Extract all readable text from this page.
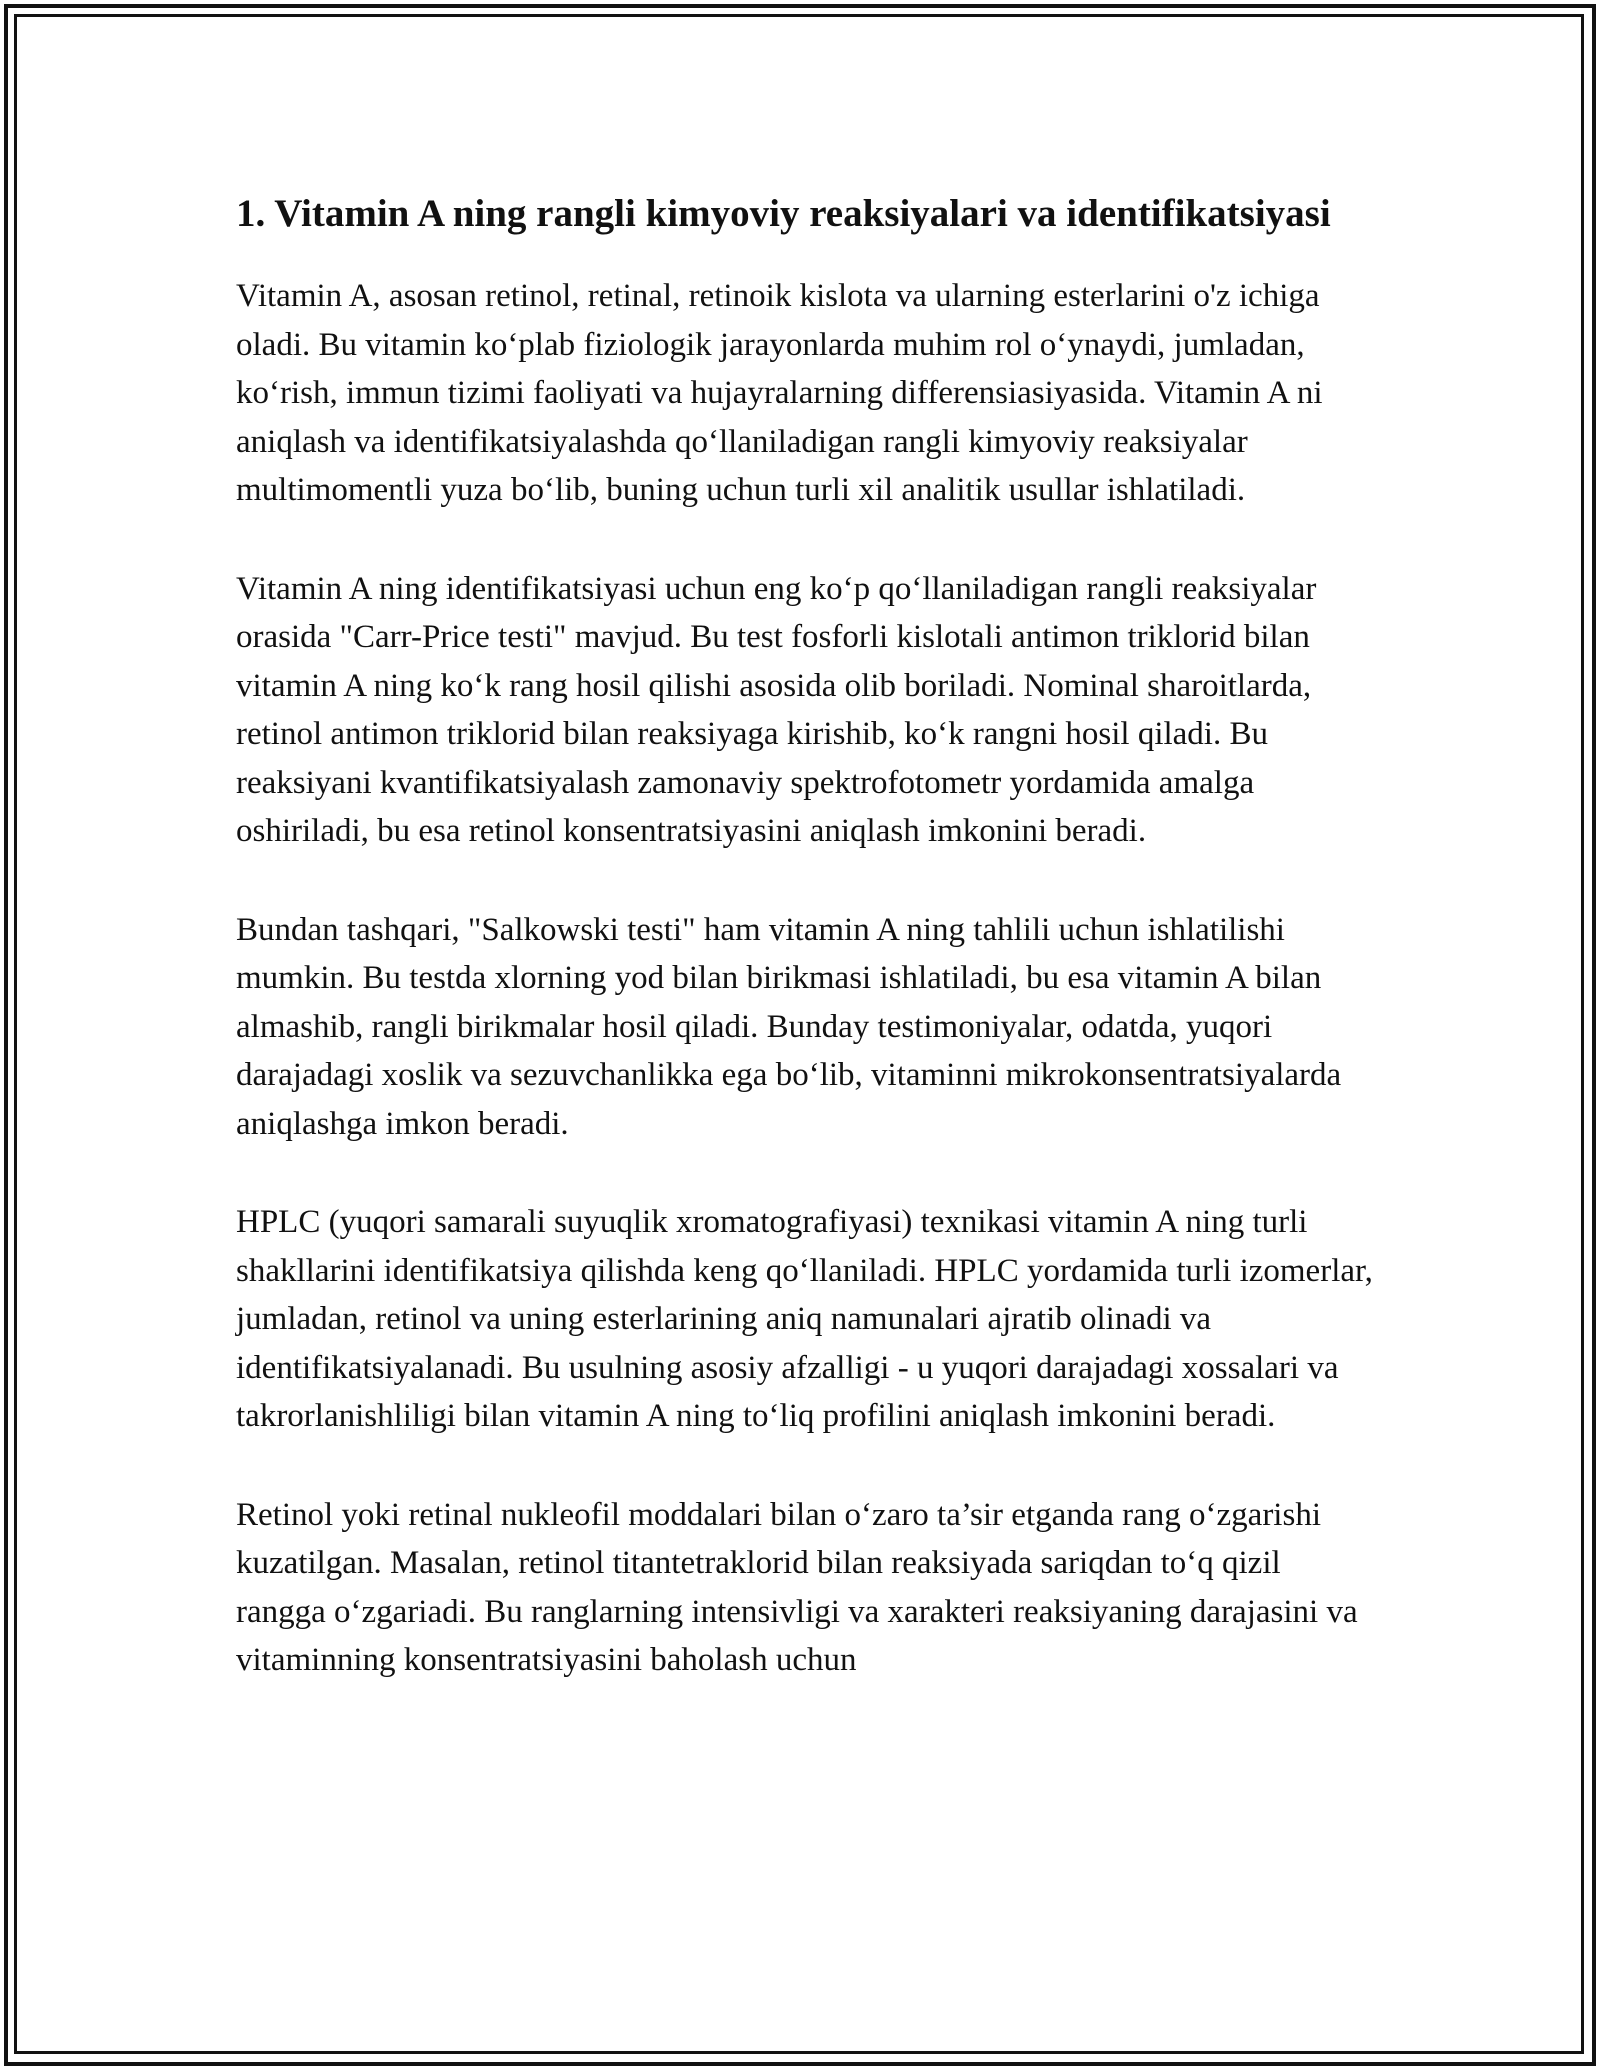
1. Vitamin A ning rangli kimyoviy reaksiyalari va identifikatsiyasi

Vitamin A, asosan retinol, retinal, retinoik kislota va ularning esterlarini o'z ichiga oladi. Bu vitamin ko‘plab fiziologik jarayonlarda muhim rol o‘ynaydi, jumladan, ko‘rish, immun tizimi faoliyati va hujayralarning differensiasiyasida. Vitamin A ni aniqlash va identifikatsiyalashda qo‘llaniladigan rangli kimyoviy reaksiyalar multimomentli yuza bo‘lib, buning uchun turli xil analitik usullar ishlatiladi.

Vitamin A ning identifikatsiyasi uchun eng ko‘p qo‘llaniladigan rangli reaksiyalar orasida "Carr-Price testi" mavjud. Bu test fosforli kislotali antimon triklorid bilan vitamin A ning ko‘k rang hosil qilishi asosida olib boriladi. Nominal sharoitlarda, retinol antimon triklorid bilan reaksiyaga kirishib, ko‘k rangni hosil qiladi. Bu reaksiyani kvantifikatsiyalash zamonaviy spektrofotometr yordamida amalga oshiriladi, bu esa retinol konsentratsiyasini aniqlash imkonini beradi.

Bundan tashqari, "Salkowski testi" ham vitamin A ning tahlili uchun ishlatilishi mumkin. Bu testda xlorning yod bilan birikmasi ishlatiladi, bu esa vitamin A bilan almashib, rangli birikmalar hosil qiladi. Bunday testimoniyalar, odatda, yuqori darajadagi xoslik va sezuvchanlikka ega bo‘lib, vitaminni mikrokonsentratsiyalarda aniqlashga imkon beradi.

HPLC (yuqori samarali suyuqlik xromatografiyasi) texnikasi vitamin A ning turli shakllarini identifikatsiya qilishda keng qo‘llaniladi. HPLC yordamida turli izomerlar, jumladan, retinol va uning esterlarining aniq namunalari ajratib olinadi va identifikatsiyalanadi. Bu usulning asosiy afzalligi - u yuqori darajadagi xossalari va takrorlanishliligi bilan vitamin A ning to‘liq profilini aniqlash imkonini beradi.

Retinol yoki retinal nukleofil moddalari bilan o‘zaro ta’sir etganda rang o‘zgarishi kuzatilgan. Masalan, retinol titantetraklorid bilan reaksiyada sariqdan to‘q qizil rangga o‘zgariadi. Bu ranglarning intensivligi va xarakteri reaksiyaning darajasini va vitaminning konsentratsiyasini baholash uchun
